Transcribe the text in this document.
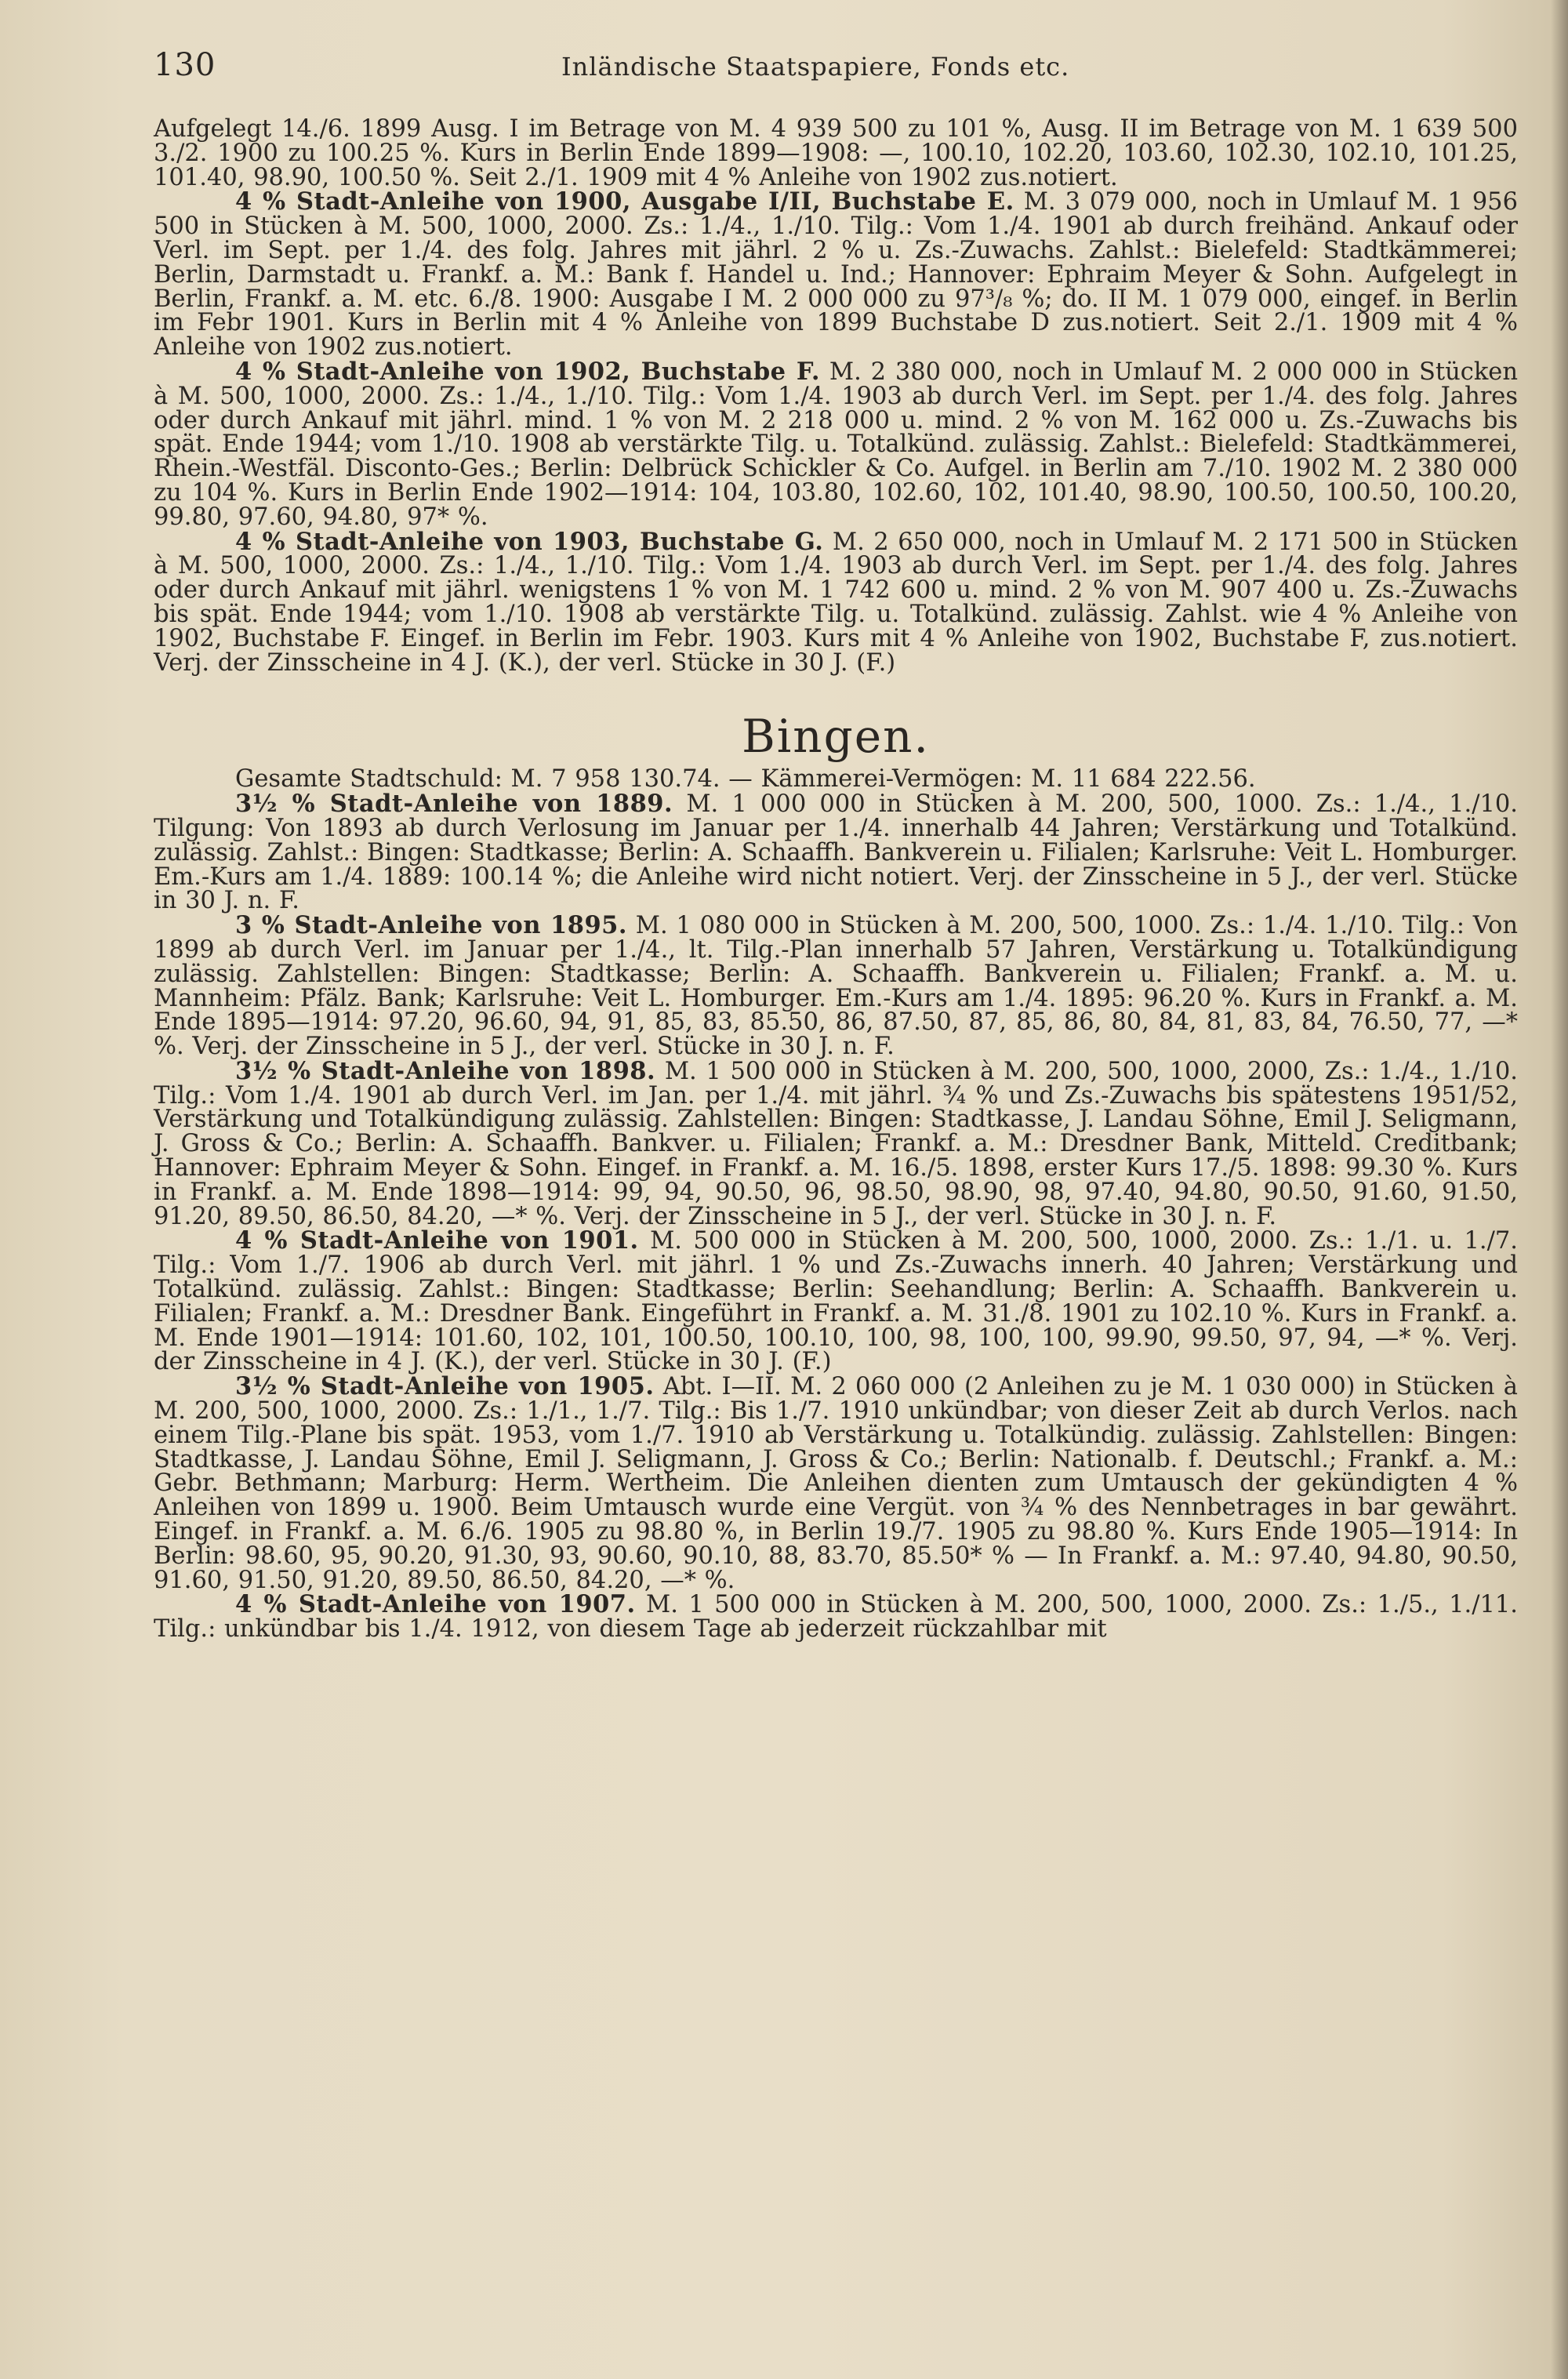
130	Inländische Staatspapiere, Fonds etc.

Aufgelegt 14./6. 1899 Ausg. I im Betrage von M. 4 939 500 zu 101 %, Ausg. II im Betrage von M. 1 639 500 3./2. 1900 zu 100.25 %. Kurs in Berlin Ende 1899—1908: —, 100.10, 102.20, 103.60, 102.30, 102.10, 101.25, 101.40, 98.90, 100.50 %. Seit 2./1. 1909 mit 4 % Anleihe von 1902 zus.notiert.

4 % Stadt-Anleihe von 1900, Ausgabe I/II, Buchstabe E. M. 3 079 000, noch in Umlauf M. 1 956 500 in Stücken à M. 500, 1000, 2000. Zs.: 1./4., 1./10. Tilg.: Vom 1./4. 1901 ab durch freihänd. Ankauf oder Verl. im Sept. per 1./4. des folg. Jahres mit jährl. 2 % u. Zs.-Zuwachs. Zahlst.: Bielefeld: Stadtkämmerei; Berlin, Darmstadt u. Frankf. a. M.: Bank f. Handel u. Ind.; Hannover: Ephraim Meyer & Sohn. Aufgelegt in Berlin, Frankf. a. M. etc. 6./8. 1900: Ausgabe I M. 2 000 000 zu 97³/₈ %; do. II M. 1 079 000, eingef. in Berlin im Febr 1901. Kurs in Berlin mit 4 % Anleihe von 1899 Buchstabe D zus.notiert. Seit 2./1. 1909 mit 4 % Anleihe von 1902 zus.notiert.

4 % Stadt-Anleihe von 1902, Buchstabe F. M. 2 380 000, noch in Umlauf M. 2 000 000 in Stücken à M. 500, 1000, 2000. Zs.: 1./4., 1./10. Tilg.: Vom 1./4. 1903 ab durch Verl. im Sept. per 1./4. des folg. Jahres oder durch Ankauf mit jährl. mind. 1 % von M. 2 218 000 u. mind. 2 % von M. 162 000 u. Zs.-Zuwachs bis spät. Ende 1944; vom 1./10. 1908 ab verstärkte Tilg. u. Totalkünd. zulässig. Zahlst.: Bielefeld: Stadtkämmerei, Rhein.-Westfäl. Disconto-Ges.; Berlin: Delbrück Schickler & Co. Aufgel. in Berlin am 7./10. 1902 M. 2 380 000 zu 104 %. Kurs in Berlin Ende 1902—1914: 104, 103.80, 102.60, 102, 101.40, 98.90, 100.50, 100.50, 100.20, 99.80, 97.60, 94.80, 97* %.

4 % Stadt-Anleihe von 1903, Buchstabe G. M. 2 650 000, noch in Umlauf M. 2 171 500 in Stücken à M. 500, 1000, 2000. Zs.: 1./4., 1./10. Tilg.: Vom 1./4. 1903 ab durch Verl. im Sept. per 1./4. des folg. Jahres oder durch Ankauf mit jährl. wenigstens 1 % von M. 1 742 600 u. mind. 2 % von M. 907 400 u. Zs.-Zuwachs bis spät. Ende 1944; vom 1./10. 1908 ab verstärkte Tilg. u. Totalkünd. zulässig. Zahlst. wie 4 % Anleihe von 1902, Buchstabe F. Eingef. in Berlin im Febr. 1903. Kurs mit 4 % Anleihe von 1902, Buchstabe F, zus.notiert. Verj. der Zinsscheine in 4 J. (K.), der verl. Stücke in 30 J. (F.)

Bingen.

Gesamte Stadtschuld: M. 7 958 130.74. — Kämmerei-Vermögen: M. 11 684 222.56.

3½ % Stadt-Anleihe von 1889. M. 1 000 000 in Stücken à M. 200, 500, 1000. Zs.: 1./4., 1./10. Tilgung: Von 1893 ab durch Verlosung im Januar per 1./4. innerhalb 44 Jahren; Verstärkung und Totalkünd. zulässig. Zahlst.: Bingen: Stadtkasse; Berlin: A. Schaaffh. Bankverein u. Filialen; Karlsruhe: Veit L. Homburger. Em.-Kurs am 1./4. 1889: 100.14 %; die Anleihe wird nicht notiert. Verj. der Zinsscheine in 5 J., der verl. Stücke in 30 J. n. F.

3 % Stadt-Anleihe von 1895. M. 1 080 000 in Stücken à M. 200, 500, 1000. Zs.: 1./4. 1./10. Tilg.: Von 1899 ab durch Verl. im Januar per 1./4., lt. Tilg.-Plan innerhalb 57 Jahren, Verstärkung u. Totalkündigung zulässig. Zahlstellen: Bingen: Stadtkasse; Berlin: A. Schaaffh. Bankverein u. Filialen; Frankf. a. M. u. Mannheim: Pfälz. Bank; Karlsruhe: Veit L. Homburger. Em.-Kurs am 1./4. 1895: 96.20 %. Kurs in Frankf. a. M. Ende 1895—1914: 97.20, 96.60, 94, 91, 85, 83, 85.50, 86, 87.50, 87, 85, 86, 80, 84, 81, 83, 84, 76.50, 77, —* %. Verj. der Zinsscheine in 5 J., der verl. Stücke in 30 J. n. F.

3½ % Stadt-Anleihe von 1898. M. 1 500 000 in Stücken à M. 200, 500, 1000, 2000, Zs.: 1./4., 1./10. Tilg.: Vom 1./4. 1901 ab durch Verl. im Jan. per 1./4. mit jährl. ¾ % und Zs.-Zuwachs bis spätestens 1951/52, Verstärkung und Totalkündigung zulässig. Zahlstellen: Bingen: Stadtkasse, J. Landau Söhne, Emil J. Seligmann, J. Gross & Co.; Berlin: A. Schaaffh. Bankver. u. Filialen; Frankf. a. M.: Dresdner Bank, Mitteld. Creditbank; Hannover: Ephraim Meyer & Sohn. Eingef. in Frankf. a. M. 16./5. 1898, erster Kurs 17./5. 1898: 99.30 %. Kurs in Frankf. a. M. Ende 1898—1914: 99, 94, 90.50, 96, 98.50, 98.90, 98, 97.40, 94.80, 90.50, 91.60, 91.50, 91.20, 89.50, 86.50, 84.20, —* %. Verj. der Zinsscheine in 5 J., der verl. Stücke in 30 J. n. F.

4 % Stadt-Anleihe von 1901. M. 500 000 in Stücken à M. 200, 500, 1000, 2000. Zs.: 1./1. u. 1./7. Tilg.: Vom 1./7. 1906 ab durch Verl. mit jährl. 1 % und Zs.-Zuwachs innerh. 40 Jahren; Verstärkung und Totalkünd. zulässig. Zahlst.: Bingen: Stadtkasse; Berlin: Seehandlung; Berlin: A. Schaaffh. Bankverein u. Filialen; Frankf. a. M.: Dresdner Bank. Eingeführt in Frankf. a. M. 31./8. 1901 zu 102.10 %. Kurs in Frankf. a. M. Ende 1901—1914: 101.60, 102, 101, 100.50, 100.10, 100, 98, 100, 100, 99.90, 99.50, 97, 94, —* %. Verj. der Zinsscheine in 4 J. (K.), der verl. Stücke in 30 J. (F.)

3½ % Stadt-Anleihe von 1905. Abt. I—II. M. 2 060 000 (2 Anleihen zu je M. 1 030 000) in Stücken à M. 200, 500, 1000, 2000. Zs.: 1./1., 1./7. Tilg.: Bis 1./7. 1910 unkündbar; von dieser Zeit ab durch Verlos. nach einem Tilg.-Plane bis spät. 1953, vom 1./7. 1910 ab Verstärkung u. Totalkündig. zulässig. Zahlstellen: Bingen: Stadtkasse, J. Landau Söhne, Emil J. Seligmann, J. Gross & Co.; Berlin: Nationalb. f. Deutschl.; Frankf. a. M.: Gebr. Bethmann; Marburg: Herm. Wertheim. Die Anleihen dienten zum Umtausch der gekündigten 4 % Anleihen von 1899 u. 1900. Beim Umtausch wurde eine Vergüt. von ¾ % des Nennbetrages in bar gewährt. Eingef. in Frankf. a. M. 6./6. 1905 zu 98.80 %, in Berlin 19./7. 1905 zu 98.80 %. Kurs Ende 1905—1914: In Berlin: 98.60, 95, 90.20, 91.30, 93, 90.60, 90.10, 88, 83.70, 85.50* % — In Frankf. a. M.: 97.40, 94.80, 90.50, 91.60, 91.50, 91.20, 89.50, 86.50, 84.20, —* %.

4 % Stadt-Anleihe von 1907. M. 1 500 000 in Stücken à M. 200, 500, 1000, 2000. Zs.: 1./5., 1./11. Tilg.: unkündbar bis 1./4. 1912, von diesem Tage ab jederzeit rückzahlbar mit
